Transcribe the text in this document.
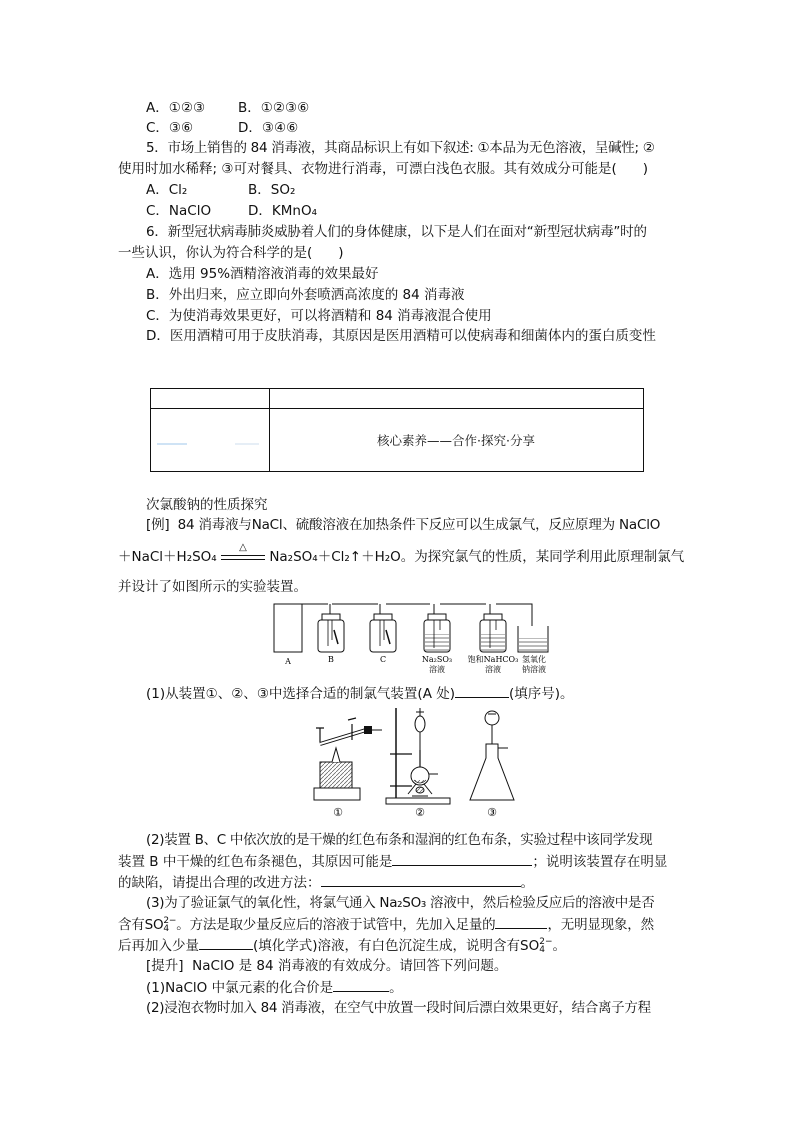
A．①②③ B．①②③⑥
C．③⑥	D．③④⑥
5．市场上销售的 84 消毒液，其商品标识上有如下叙述: ①本品为无色溶液，呈碱性; ②
使用时加水稀释; ③可对餐具、衣物进行消毒，可漂白浅色衣服。其有效成分可能是( )
A．Cl₂	B．SO₂
C．NaClO	D．KMnO₄
6．新型冠状病毒肺炎威胁着人们的身体健康，以下是人们在面对“新型冠状病毒”时的
一些认识，你认为符合科学的是( )
A．选用 95%酒精溶液消毒的效果最好
B．外出归来，应立即向外套喷洒高浓度的 84 消毒液
C．为使消毒效果更好，可以将酒精和 84 消毒液混合使用
D．医用酒精可用于皮肤消毒，其原因是医用酒精可以使病毒和细菌体内的蛋白质变性
核心素养——合作·探究·分享
次氯酸钠的性质探究
[例] 84 消毒液与NaCl、硫酸溶液在加热条件下反应可以生成氯气，反应原理为 NaClO
＋NaCl＋H₂SO₄
△
Na₂SO₄＋Cl₂↑＋H₂O。为探究氯气的性质，某同学利用此原理制氯气
并设计了如图所示的实验装置。
A	B	C	Na₂SO₃
溶液
饱和NaHCO₃
溶液
氢氧化
钠溶液
(1)从装置①、②、③中选择合适的制氯气装置(A 处)	(填序号)。
①	②	③
(2)装置 B、C 中依次放的是干燥的红色布条和湿润的红色布条，实验过程中该同学发现
装置 B 中干燥的红色布条褪色，其原因可能是	；说明该装置存在明显
的缺陷，请提出合理的改进方法：	。
(3)为了验证氯气的氧化性，将氯气通入 Na₂SO₃ 溶液中，然后检验反应后的溶液中是否
含有SO 2−
4 。方法是取少量反应后的溶液于试管中，先加入足量的	，无明显现象，然
后再加入少量	(填化学式)溶液，有白色沉淀生成，说明含有SO 2−
4 。
[提升] NaClO 是 84 消毒液的有效成分。请回答下列问题。
(1)NaClO 中氯元素的化合价是	。
(2)浸泡衣物时加入 84 消毒液，在空气中放置一段时间后漂白效果更好，结合离子方程
